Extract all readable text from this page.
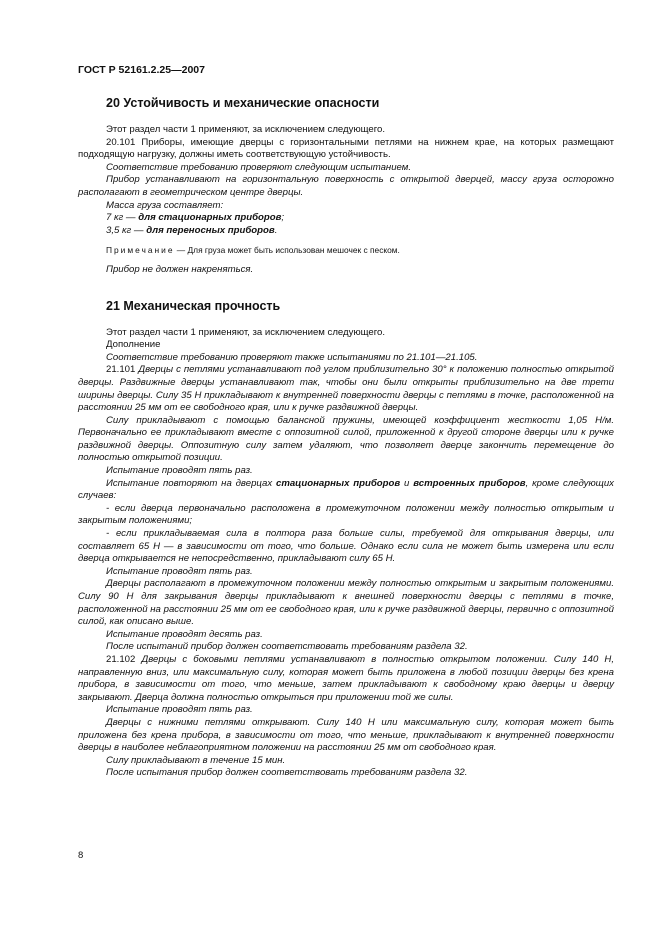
ГОСТ Р 52161.2.25—2007
20 Устойчивость и механические опасности

Этот раздел части 1 применяют, за исключением следующего.

20.101 Приборы, имеющие дверцы с горизонтальными петлями на нижнем крае, на которых размещают подходящую нагрузку, должны иметь соответствующую устойчивость.

Соответствие требованию проверяют следующим испытанием.

Прибор устанавливают на горизонтальную поверхность с открытой дверцей, массу груза осторожно располагают в геометрическом центре дверцы.

Масса груза составляет:

7 кг — для стационарных приборов;

3,5 кг — для переносных приборов.

Примечание — Для груза может быть использован мешочек с песком.

Прибор не должен накреняться.

21 Механическая прочность

Этот раздел части 1 применяют, за исключением следующего.

Дополнение

Соответствие требованию проверяют также испытаниями по 21.101—21.105.

21.101 Дверцы с петлями устанавливают под углом приблизительно 30° к положению полностью открытой дверцы. Раздвижные дверцы устанавливают так, чтобы они были открыты приблизительно на две трети ширины дверцы. Силу 35 Н прикладывают к внутренней поверхности дверцы с петлями в точке, расположенной на расстоянии 25 мм от ее свободного края, или к ручке раздвижной дверцы.

Силу прикладывают с помощью балансной пружины, имеющей коэффициент жесткости 1,05 Н/м. Первоначально ее прикладывают вместе с оппозитной силой, приложенной к другой стороне дверцы или к ручке раздвижной дверцы. Оппозитную силу затем удаляют, что позволяет дверце закончить перемещение до полностью открытой позиции.

Испытание проводят пять раз.

Испытание повторяют на дверцах стационарных приборов и встроенных приборов, кроме следующих случаев:

- если дверца первоначально расположена в промежуточном положении между полностью открытым и закрытым положениями;

- если прикладываемая сила в полтора раза больше силы, требуемой для открывания дверцы, или составляет 65 Н — в зависимости от того, что больше. Однако если сила не может быть измерена или если дверца открывается не непосредственно, прикладывают силу 65 Н.

Испытание проводят пять раз.

Дверцы располагают в промежуточном положении между полностью открытым и закрытым положениями. Силу 90 Н для закрывания дверцы прикладывают к внешней поверхности дверцы с петлями в точке, расположенной на расстоянии 25 мм от ее свободного края, или к ручке раздвижной дверцы, первично с оппозитной силой, как описано выше.

Испытание проводят десять раз.

После испытаний прибор должен соответствовать требованиям раздела 32.

21.102 Дверцы с боковыми петлями устанавливают в полностью открытом положении. Силу 140 Н, направленную вниз, или максимальную силу, которая может быть приложена в любой позиции дверцы без крена прибора, в зависимости от того, что меньше, затем прикладывают к свободному краю дверцы и дверцу закрывают. Дверца должна полностью открыться при приложении той же силы.

Испытание проводят пять раз.

Дверцы с нижними петлями открывают. Силу 140 Н или максимальную силу, которая может быть приложена без крена прибора, в зависимости от того, что меньше, прикладывают к внутренней поверхности дверцы в наиболее неблагоприятном положении на расстоянии 25 мм от свободного края.

Силу прикладывают в течение 15 мин.

После испытания прибор должен соответствовать требованиям раздела 32.

8
